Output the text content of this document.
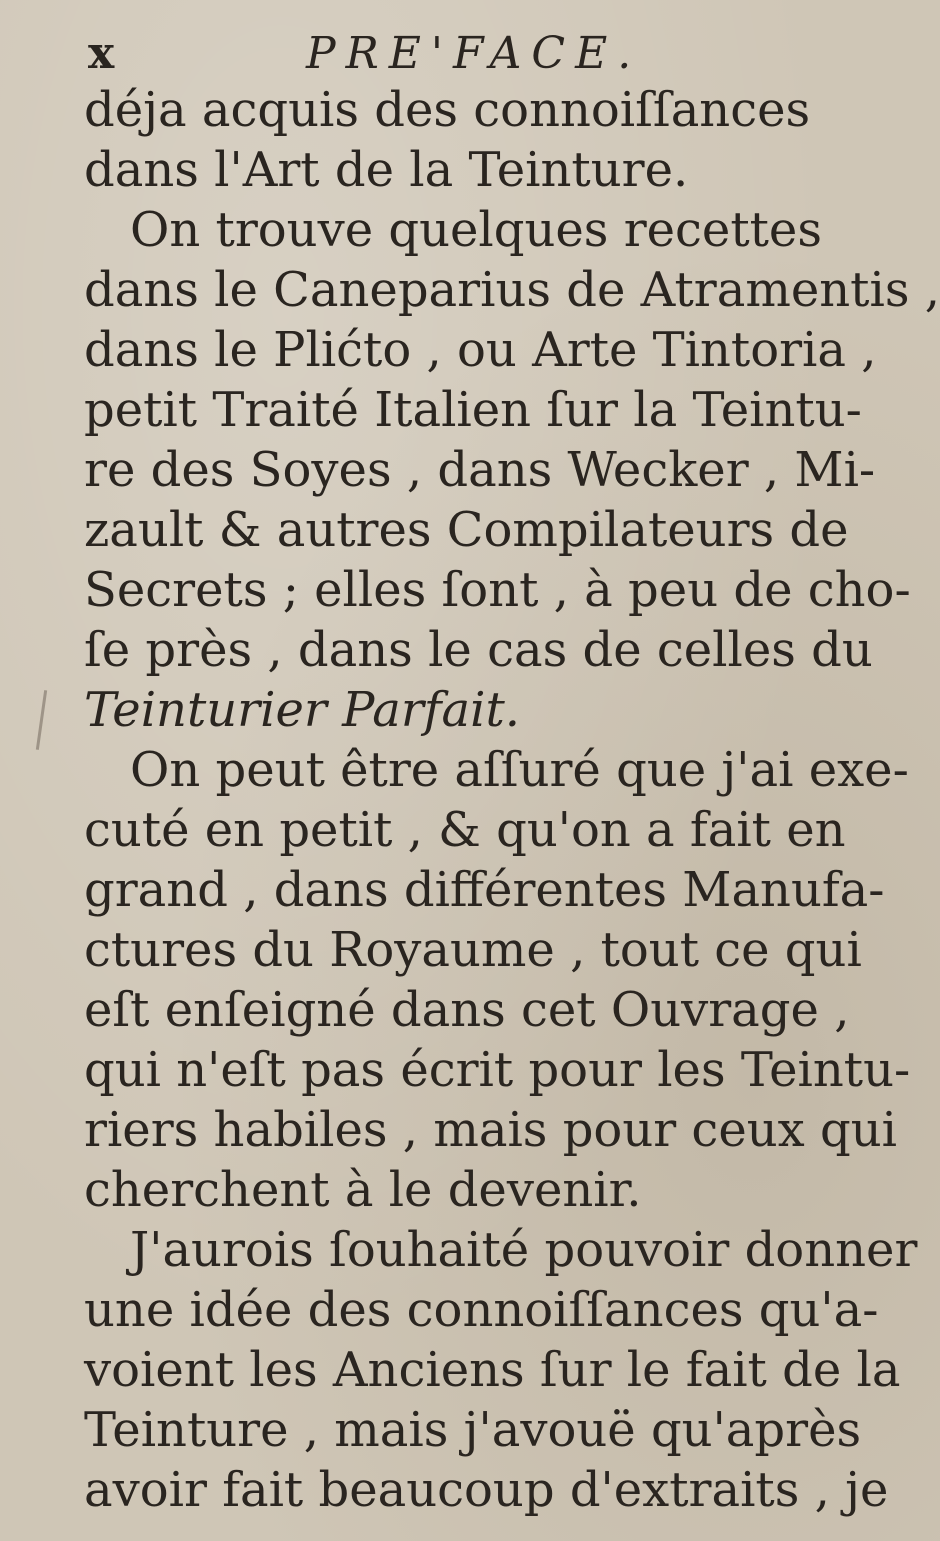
x	PRE'FACE.
déja acquis des connoiſſances
dans l'Art de la Teinture.
On trouve quelques recettes
dans le Caneparius de Atramentis ,
dans le Plićto , ou Arte Tintoria ,
petit Traité Italien ſur la Teintu-
re des Soyes , dans Wecker , Mi-
zault & autres Compilateurs de
Secrets ; elles ſont , à peu de cho-
ſe près , dans le cas de celles du
Teinturier Parfait.
On peut être aſſuré que j'ai exe-
cuté en petit , & qu'on a fait en
grand , dans différentes Manufa-
ctures du Royaume , tout ce qui
eſt enſeigné dans cet Ouvrage ,
qui n'eſt pas écrit pour les Teintu-
riers habiles , mais pour ceux qui
cherchent à le devenir.
J'aurois ſouhaité pouvoir donner
une idée des connoiſſances qu'a-
voient les Anciens ſur le fait de la
Teinture , mais j'avouë qu'après
avoir fait beaucoup d'extraits , je
